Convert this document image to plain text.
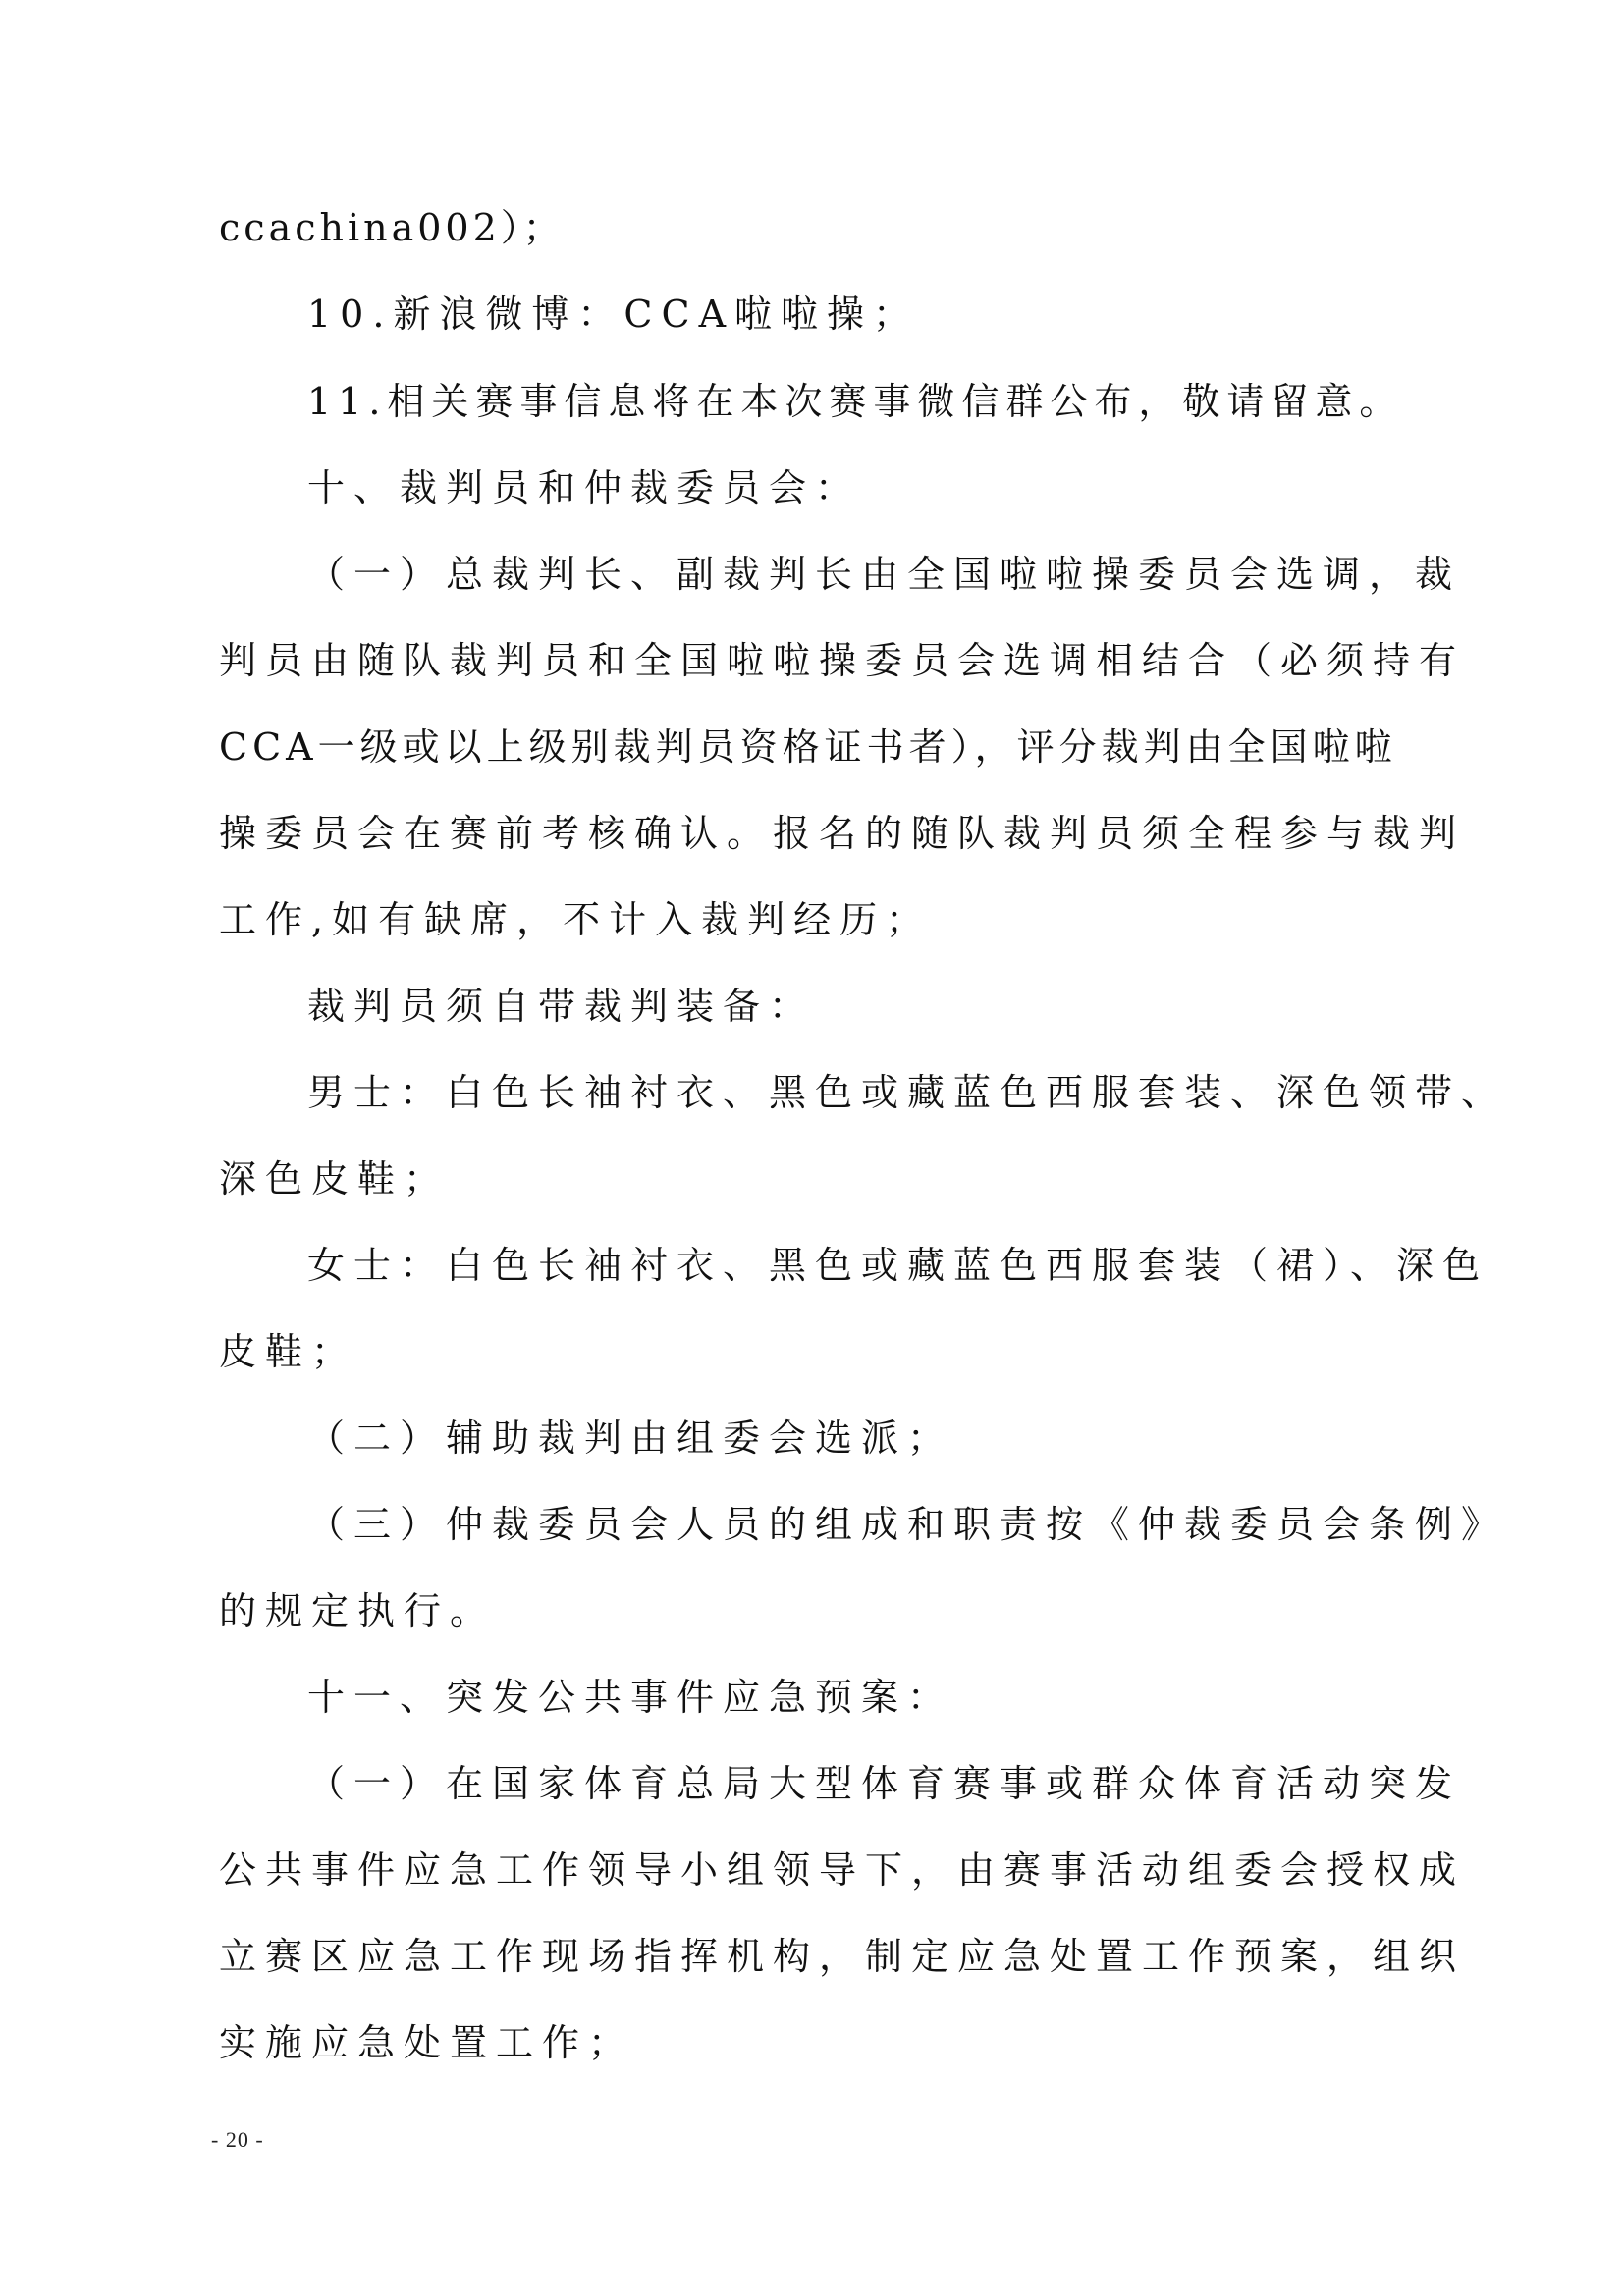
ccachina002）；
10.新浪微博：CCA啦啦操；
11.相关赛事信息将在本次赛事微信群公布，敬请留意。
十、裁判员和仲裁委员会：
（一）总裁判长、副裁判长由全国啦啦操委员会选调，裁
判员由随队裁判员和全国啦啦操委员会选调相结合（必须持有
CCA一级或以上级别裁判员资格证书者），评分裁判由全国啦啦
操委员会在赛前考核确认。报名的随队裁判员须全程参与裁判
工作,如有缺席，不计入裁判经历；
裁判员须自带裁判装备：
男士：白色长袖衬衣、黑色或藏蓝色西服套装、深色领带、
深色皮鞋；
女士：白色长袖衬衣、黑色或藏蓝色西服套装（裙）、深色
皮鞋；
（二）辅助裁判由组委会选派；
（三）仲裁委员会人员的组成和职责按《仲裁委员会条例》
的规定执行。
十一、突发公共事件应急预案：
（一）在国家体育总局大型体育赛事或群众体育活动突发
公共事件应急工作领导小组领导下，由赛事活动组委会授权成
立赛区应急工作现场指挥机构，制定应急处置工作预案，组织
实施应急处置工作；
- 20 -
